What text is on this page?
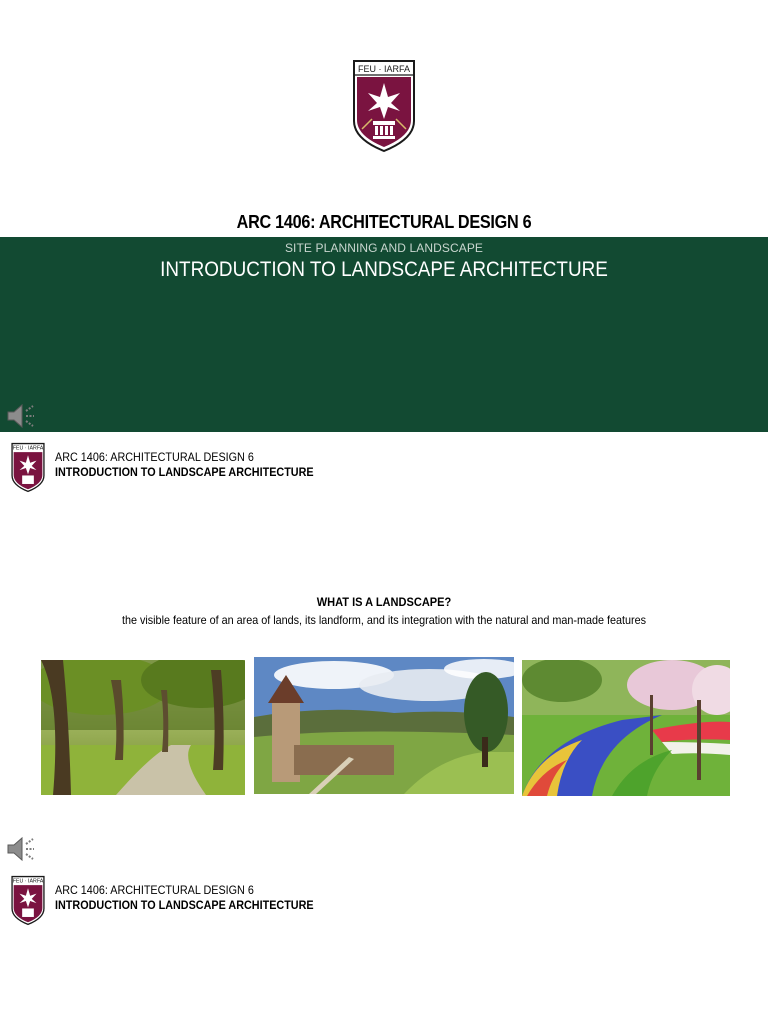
FEU · IARFA
ARC 1406: ARCHITECTURAL DESIGN 6
SITE PLANNING AND LANDSCAPE
INTRODUCTION TO LANDSCAPE ARCHITECTURE
FEU · IARFA
ARC 1406: ARCHITECTURAL DESIGN 6
INTRODUCTION TO LANDSCAPE ARCHITECTURE
WHAT IS A LANDSCAPE?
the visible feature of an area of lands, its landform, and its integration with the natural and man-made features
FEU · IARFA
ARC 1406: ARCHITECTURAL DESIGN 6
INTRODUCTION TO LANDSCAPE ARCHITECTURE
